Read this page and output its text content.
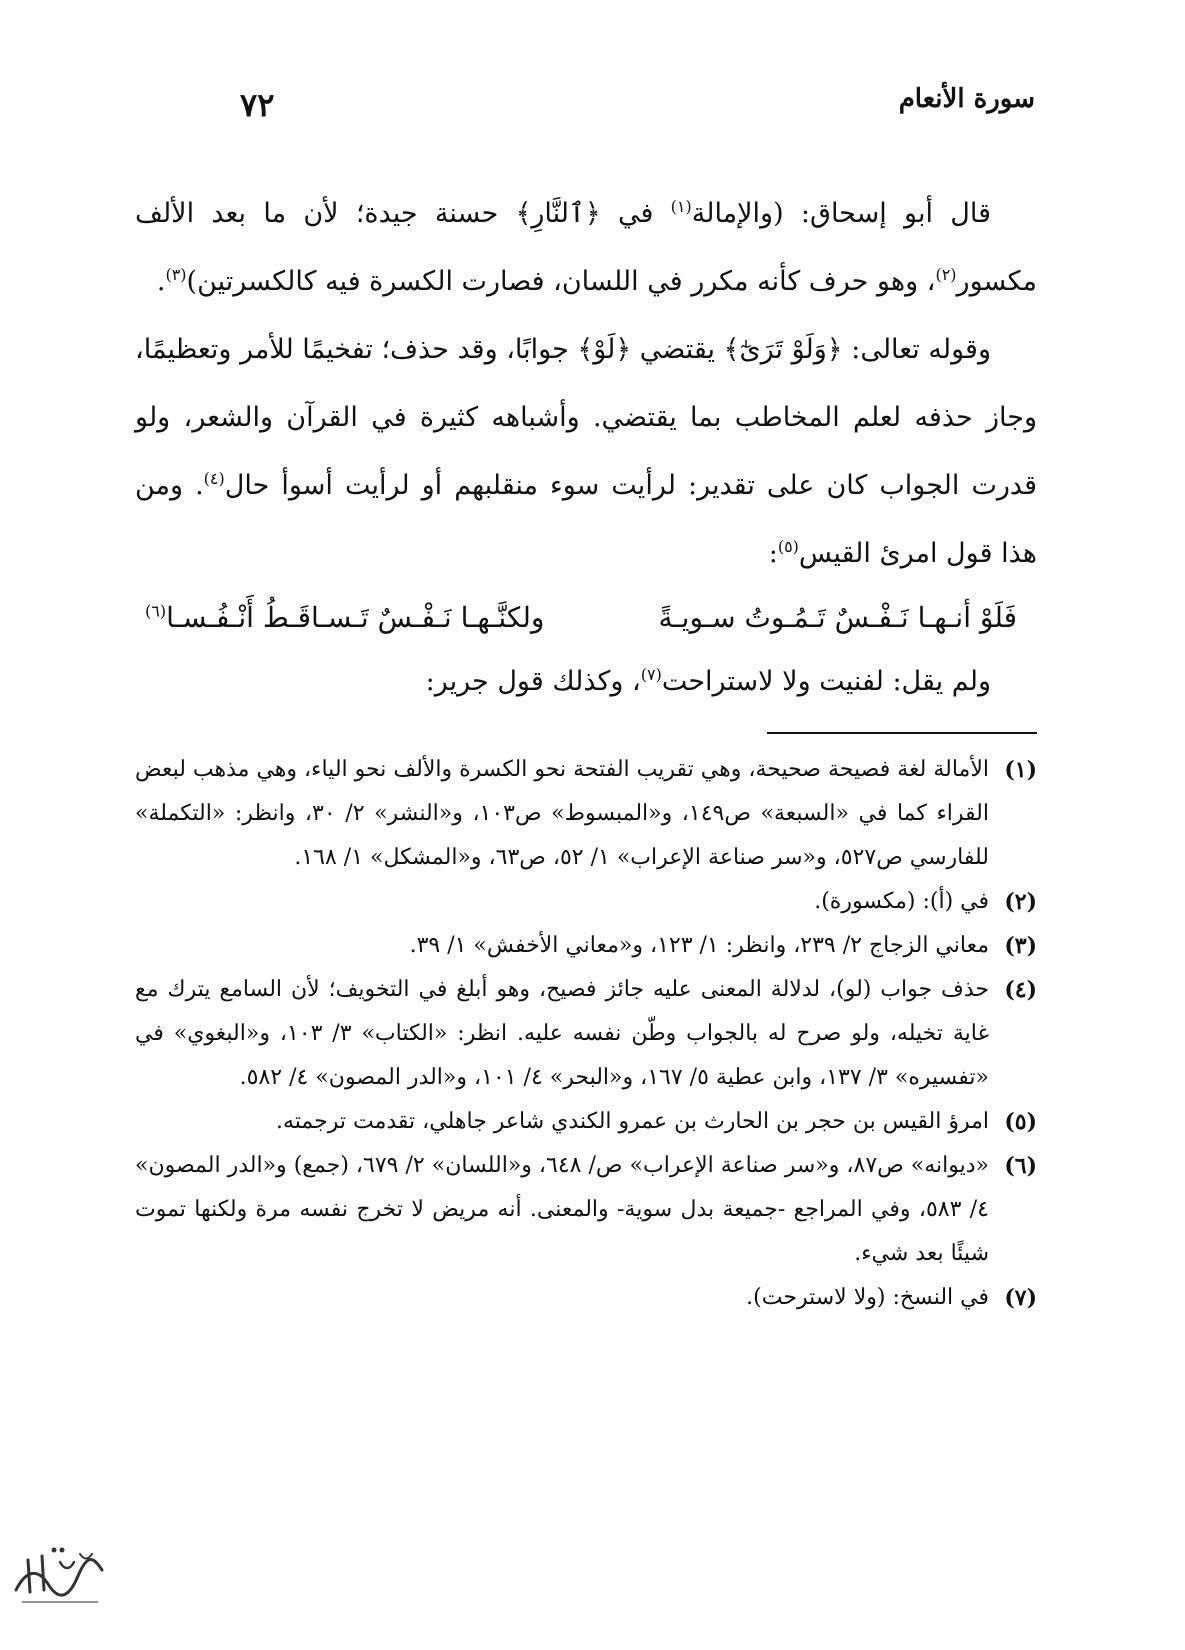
٧٢	سورة الأنعام

قال أبو إسحاق: (والإمالة$^{(١)}$ في ﴿ٱلنَّارِ﴾ حسنة جيدة؛ لأن ما بعد الألف مكسور$^{(٢)}$، وهو حرف كأنه مكرر في اللسان، فصارت الكسرة فيه كالكسرتين)$^{(٣)}$.

وقوله تعالى: ﴿وَلَوْ تَرَىٰٓ﴾ يقتضي ﴿لَوْ﴾ جوابًا، وقد حذف؛ تفخيمًا للأمر وتعظيمًا، وجاز حذفه لعلم المخاطب بما يقتضي. وأشباهه كثيرة في القرآن والشعر، ولو قدرت الجواب كان على تقدير: لرأيت سوء منقلبهم أو لرأيت أسوأ حال$^{(٤)}$. ومن هذا قول امرئ القيس$^{(٥)}$:

فَلَوْ أنـهـا نَـفْـسٌ تَـمُـوتُ سـويـةً
ولكنَّـهـا نَـفْـسٌ تَـسـاقَـطُ أَنْـفُـسـا$^{(٦)}$

ولم يقل: لفنيت ولا لاستراحت$^{(٧)}$، وكذلك قول جرير:

(١)
الأمالة لغة فصيحة صحيحة، وهي تقريب الفتحة نحو الكسرة والألف نحو الياء، وهي مذهب لبعض القراء كما في «السبعة» ص١٤٩، و«المبسوط» ص١٠٣، و«النشر» ٢/ ٣٠، وانظر: «التكملة» للفارسي ص٥٢٧، و«سر صناعة الإعراب» ١/ ٥٢، ص٦٣، و«المشكل» ١/ ١٦٨.
(٢)
في (أ): (مكسورة).
(٣)
معاني الزجاج ٢/ ٢٣٩، وانظر: ١/ ١٢٣، و«معاني الأخفش» ١/ ٣٩.
(٤)
حذف جواب (لو)، لدلالة المعنى عليه جائز فصيح، وهو أبلغ في التخويف؛ لأن السامع يترك مع غاية تخيله، ولو صرح له بالجواب وطّن نفسه عليه. انظر: «الكتاب» ٣/ ١٠٣، و«البغوي» في «تفسيره» ٣/ ١٣٧، وابن عطية ٥/ ١٦٧، و«البحر» ٤/ ١٠١، و«الدر المصون» ٤/ ٥٨٢.
(٥)
امرؤ القيس بن حجر بن الحارث بن عمرو الكندي شاعر جاهلي، تقدمت ترجمته.
(٦)
«ديوانه» ص٨٧، و«سر صناعة الإعراب» ص/ ٦٤٨، و«اللسان» ٢/ ٦٧٩، (جمع) و«الدر المصون» ٤/ ٥٨٣، وفي المراجع -جميعة بدل سوية- والمعنى. أنه مريض لا تخرج نفسه مرة ولكنها تموت شيئًا بعد شيء.
(٧)
في النسخ: (ولا لاسترحت).
